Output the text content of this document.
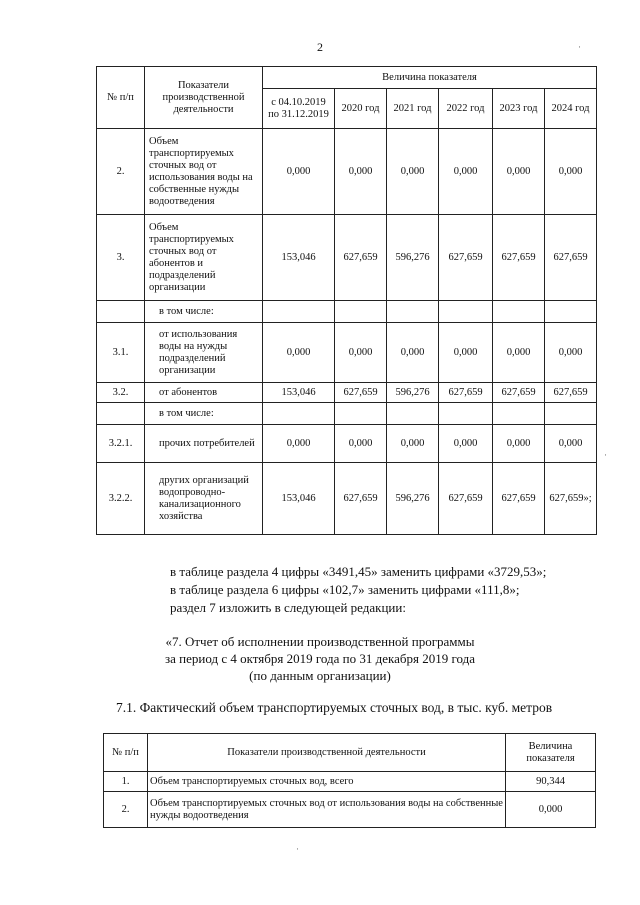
2
№ п/п	Показатели производственной деятельности	Величина показателя					
		с 04.10.2019 по 31.12.2019	2020 год	2021 год	2022 год	2023 год	2024 год
2.	Объем транспортируемых сточных вод от использования воды на собственные нужды водоотведения	0,000	0,000	0,000	0,000	0,000	0,000
3.	Объем транспортируемых сточных вод от абонентов и подразделений организации	153,046	627,659	596,276	627,659	627,659	627,659
	в том числе:						
3.1.	от использования воды на нужды подразделений организации	0,000	0,000	0,000	0,000	0,000	0,000
3.2.	от абонентов	153,046	627,659	596,276	627,659	627,659	627,659
	в том числе:						
3.2.1.	прочих потребителей	0,000	0,000	0,000	0,000	0,000	0,000
3.2.2.	других организаций водопроводно-канализационного хозяйства	153,046	627,659	596,276	627,659	627,659	627,659»;
в таблице раздела 4 цифры «3491,45» заменить цифрами «3729,53»;
в таблице раздела 6 цифры «102,7» заменить цифрами «111,8»;
раздел 7 изложить в следующей редакции:
«7. Отчет об исполнении производственной программы
за период с 4 октября 2019 года по 31 декабря 2019 года
(по данным организации)
7.1. Фактический объем транспортируемых сточных вод, в тыс. куб. метров
№ п/п	Показатели производственной деятельности	Величина показателя
1.	Объем транспортируемых сточных вод, всего	90,344
2.	Объем транспортируемых сточных вод от использования воды на собственные нужды водоотведения	0,000
·
·
·
